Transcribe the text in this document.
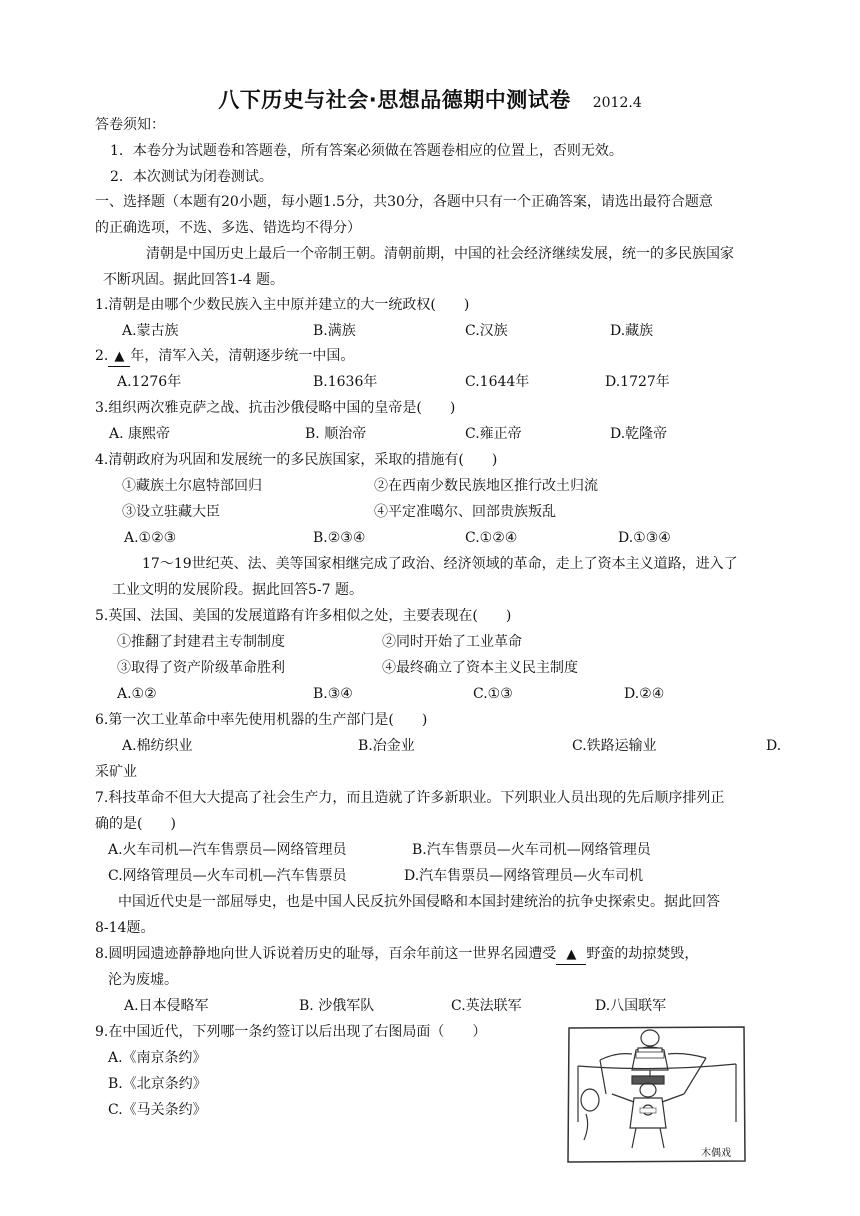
八下历史与社会·思想品德期中测试卷 2012.4
答卷须知：
1．本卷分为试题卷和答题卷，所有答案必须做在答题卷相应的位置上，否则无效。
2．本次测试为闭卷测试。
一、选择题（本题有20小题，每小题1.5分，共30分，各题中只有一个正确答案，请选出最符合题意
的正确选项，不选、多选、错选均不得分）
清朝是中国历史上最后一个帝制王朝。清朝前期，中国的社会经济继续发展，统一的多民族国家
不断巩固。据此回答1-4 题。
1.清朝是由哪个少数民族入主中原并建立的大一统政权(　　)
A.蒙古族	B.满族	C.汉族	D.藏族
2. ▲ 年，清军入关，清朝逐步统一中国。
A.1276年	B.1636年	C.1644年	D.1727年
3.组织两次雅克萨之战、抗击沙俄侵略中国的皇帝是(　　)
A. 康熙帝	B. 顺治帝	C.雍正帝	D.乾隆帝
4.清朝政府为巩固和发展统一的多民族国家，采取的措施有(　　)
①藏族土尔扈特部回归	②在西南少数民族地区推行改土归流
③设立驻藏大臣	④平定准噶尔、回部贵族叛乱
A.①②③	B.②③④	C.①②④	D.①③④
17～19世纪英、法、美等国家相继完成了政治、经济领域的革命，走上了资本主义道路，进入了
工业文明的发展阶段。据此回答5-7 题。
5.英国、法国、美国的发展道路有许多相似之处，主要表现在(　　)
①推翻了封建君主专制制度	②同时开始了工业革命
③取得了资产阶级革命胜利	④最终确立了资本主义民主制度
A.①②	B.③④	C.①③	D.②④
6.第一次工业革命中率先使用机器的生产部门是(　　)
A.棉纺织业	B.冶金业	C.铁路运输业	D.
采矿业
7.科技革命不但大大提高了社会生产力，而且造就了许多新职业。下列职业人员出现的先后顺序排列正
确的是(　　)
A.火车司机—汽车售票员—网络管理员	B.汽车售票员—火车司机—网络管理员
C.网络管理员—火车司机—汽车售票员	D.汽车售票员—网络管理员—火车司机
中国近代史是一部屈辱史，也是中国人民反抗外国侵略和本国封建统治的抗争史探索史。据此回答
8-14题。
8.圆明园遗迹静静地向世人诉说着历史的耻辱，百余年前这一世界名园遭受 ▲ 野蛮的劫掠焚毁，
沦为废墟。
A.日本侵略军	B. 沙俄军队	C.英法联军	D.八国联军
9.在中国近代，下列哪一条约签订以后出现了右图局面（　　）
A.《南京条约》
B.《北京条约》
C.《马关条约》
木偶戏
